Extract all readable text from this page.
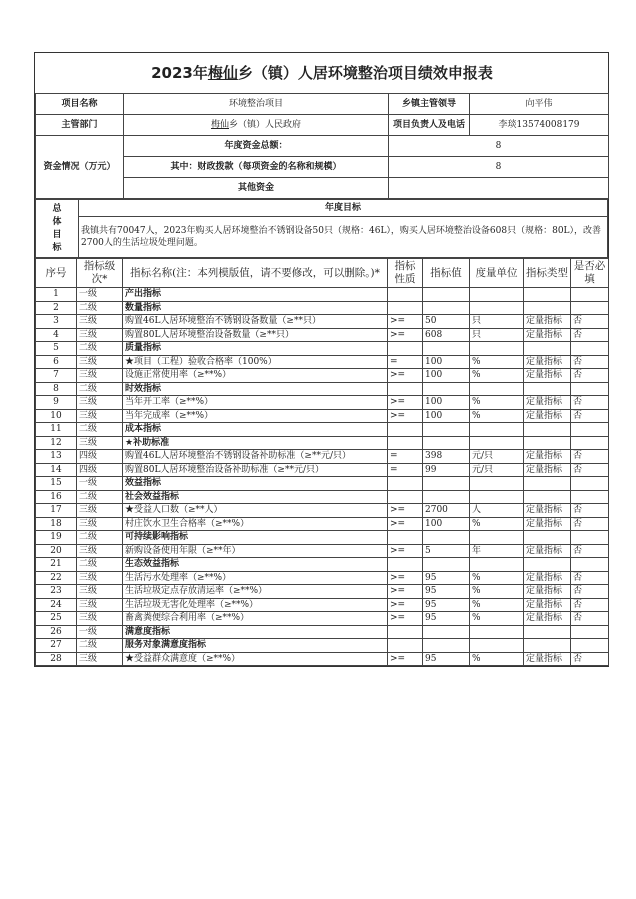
2023年梅仙乡（镇）人居环境整治项目绩效申报表			
项目名称	环境整治项目	乡镇主管领导	向平伟
主管部门	梅仙乡（镇）人民政府	项目负责人及电话	李琰13574008179
资金情况（万元）	年度资金总额：	8	
	其中：财政拨款（每项资金的名称和规模）	8	
	其他资金		
总体目标	年度目标
我镇共有70047人，2023年购买人居环境整治不锈钢设备50只（规格：46L），购买人居环境整治设备608只（规格：80L），改善2700人的生活垃圾处理问题。
序号	指标级次*	指标名称(注：本列模版值，请不要修改，可以删除。)*	指标性质	指标值	度量单位	指标类型	是否必填
1	一级	产出指标					
2	二级	数量指标					
3	三级	购置46L人居环境整治不锈钢设备数量（≥**只）	>=	50	只	定量指标	否
4	三级	购置80L人居环境整治设备数量（≥**只）	>=	608	只	定量指标	否
5	二级	质量指标					
6	三级	★项目（工程）验收合格率（100%）	=	100	%	定量指标	否
7	三级	设施正常使用率（≥**%）	>=	100	%	定量指标	否
8	二级	时效指标					
9	三级	当年开工率（≥**%）	>=	100	%	定量指标	否
10	三级	当年完成率（≥**%）	>=	100	%	定量指标	否
11	二级	成本指标					
12	三级	★补助标准					
13	四级	购置46L人居环境整治不锈钢设备补助标准（≥**元/只）	=	398	元/只	定量指标	否
14	四级	购置80L人居环境整治设备补助标准（≥**元/只）	=	99	元/只	定量指标	否
15	一级	效益指标					
16	二级	社会效益指标					
17	三级	★受益人口数（≥**人）	>=	2700	人	定量指标	否
18	三级	村庄饮水卫生合格率（≥**%）	>=	100	%	定量指标	否
19	二级	可持续影响指标					
20	三级	新购设备使用年限（≥**年）	>=	5	年	定量指标	否
21	二级	生态效益指标					
22	三级	生活污水处理率（≥**%）	>=	95	%	定量指标	否
23	三级	生活垃圾定点存放清运率（≥**%）	>=	95	%	定量指标	否
24	三级	生活垃圾无害化处理率（≥**%）	>=	95	%	定量指标	否
25	三级	畜禽粪便综合利用率（≥**%）	>=	95	%	定量指标	否
26	一级	满意度指标					
27	二级	服务对象满意度指标					
28	三级	★受益群众满意度（≥**%）	>=	95	%	定量指标	否
